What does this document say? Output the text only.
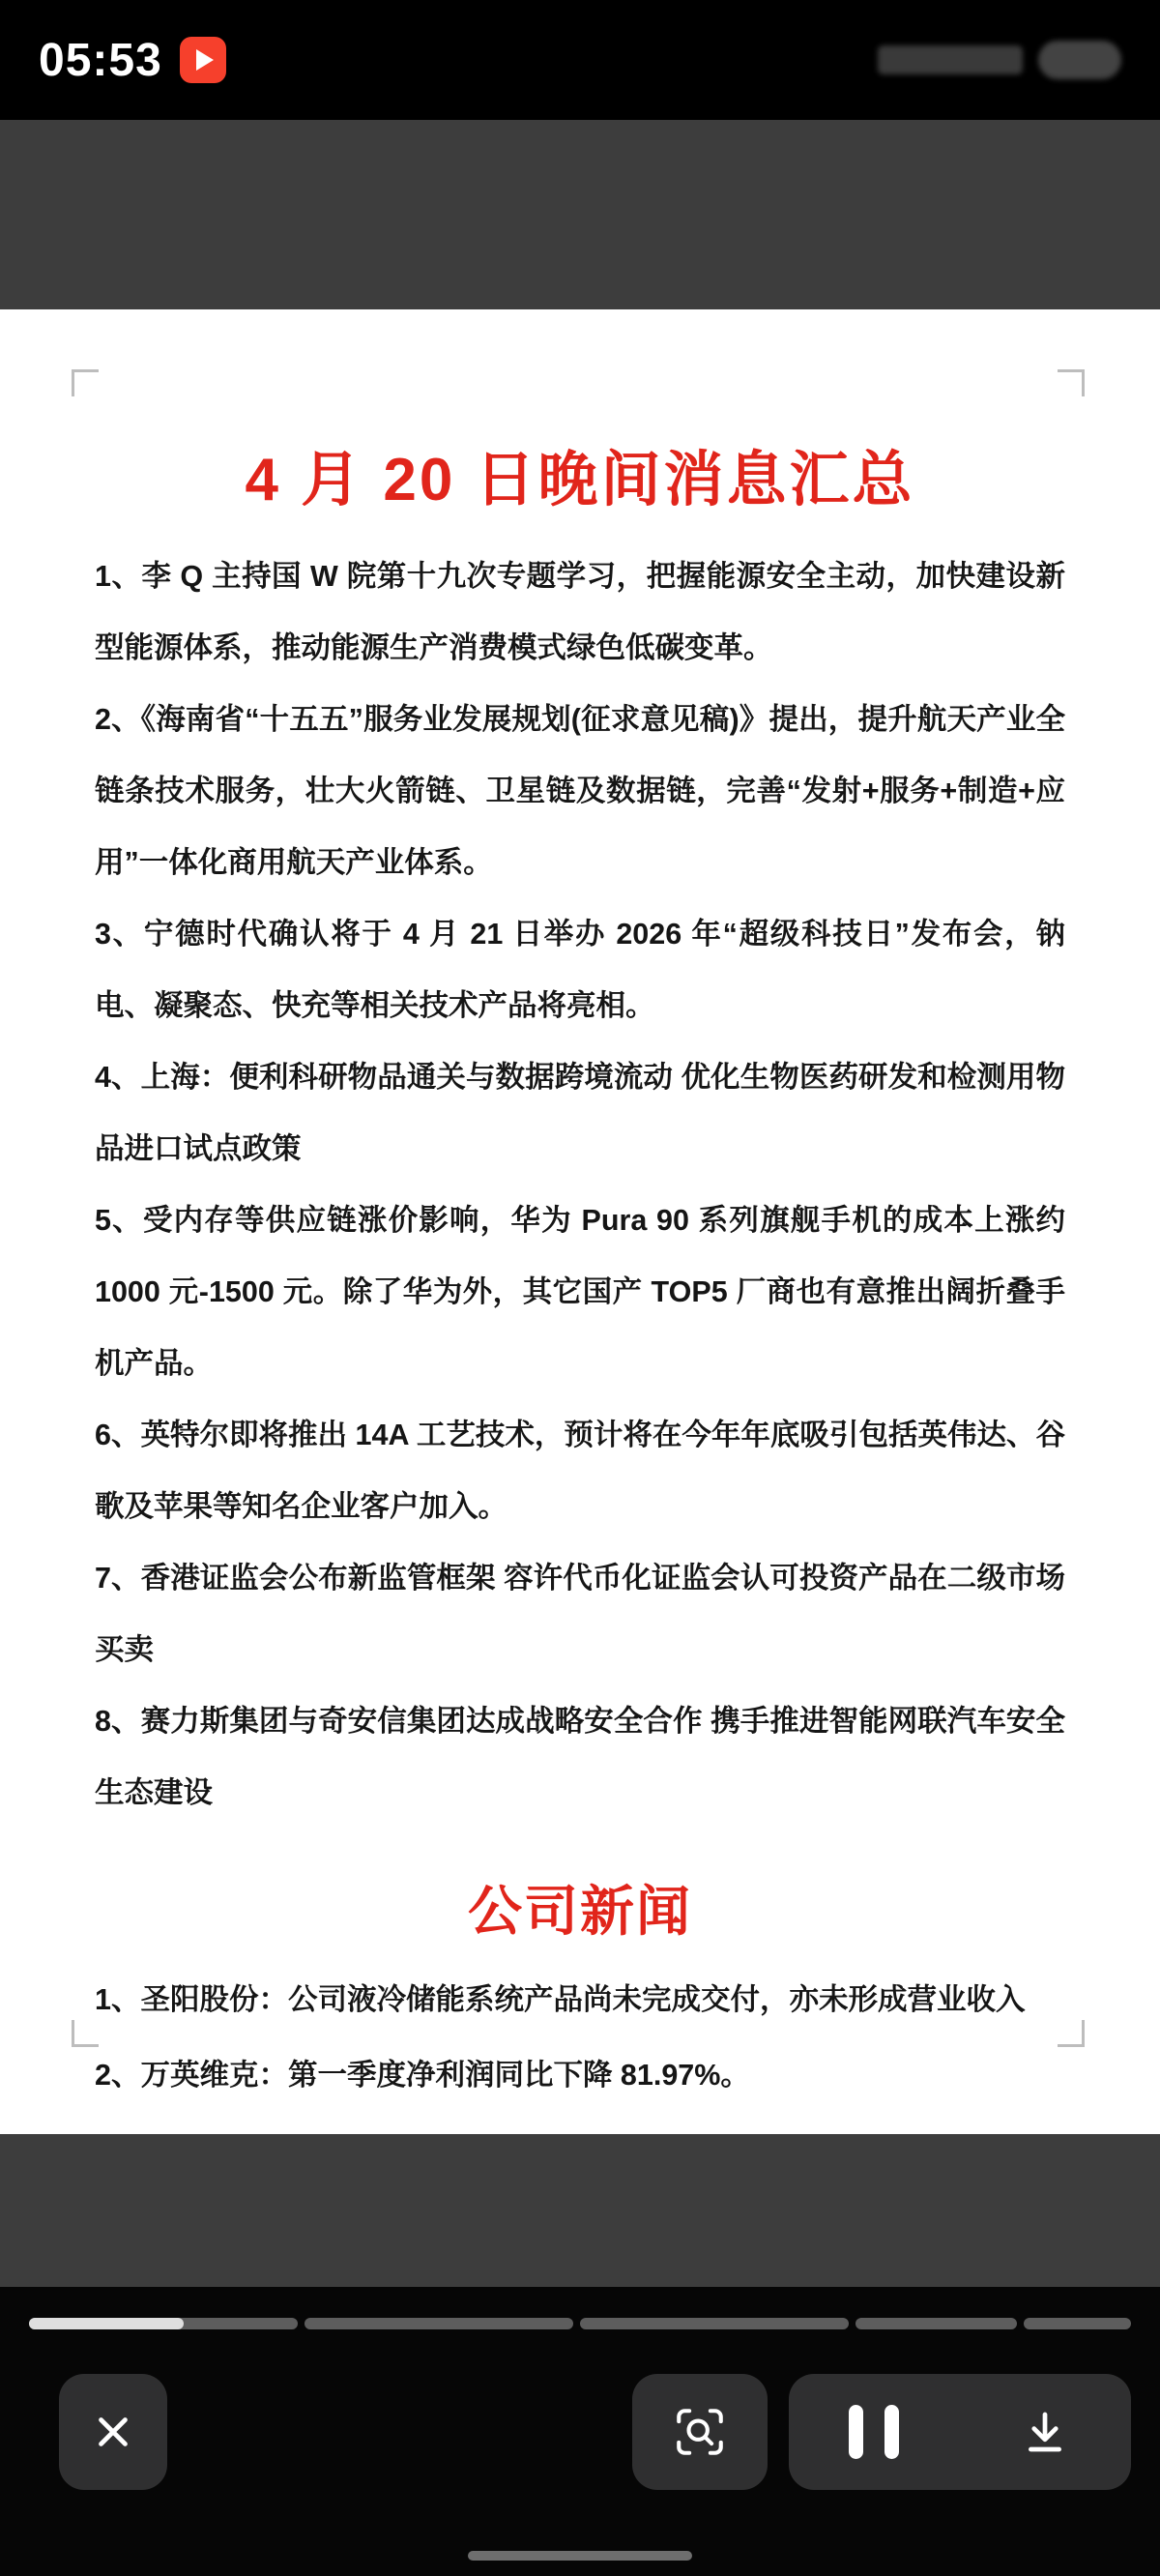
05:53
4 月 20 日晚间消息汇总

1、李 Q 主持国 W 院第十九次专题学习，把握能源安全主动，加快建设新型能源体系，推动能源生产消费模式绿色低碳变革。

2、《海南省“十五五”服务业发展规划(征求意见稿)》提出，提升航天产业全链条技术服务，壮大火箭链、卫星链及数据链，完善“发射+服务+制造+应用”一体化商用航天产业体系。

3、宁德时代确认将于 4 月 21 日举办 2026 年“超级科技日”发布会，钠电、凝聚态、快充等相关技术产品将亮相。

4、上海：便利科研物品通关与数据跨境流动 优化生物医药研发和检测用物品进口试点政策

5、受内存等供应链涨价影响，华为 Pura 90 系列旗舰手机的成本上涨约 1000 元-1500 元。除了华为外，其它国产 TOP5 厂商也有意推出阔折叠手机产品。

6、英特尔即将推出 14A 工艺技术，预计将在今年年底吸引包括英伟达、谷歌及苹果等知名企业客户加入。

7、香港证监会公布新监管框架 容许代币化证监会认可投资产品在二级市场买卖

8、赛力斯集团与奇安信集团达成战略安全合作 携手推进智能网联汽车安全生态建设

公司新闻

1、圣阳股份：公司液冷储能系统产品尚未完成交付，亦未形成营业收入

2、万英维克：第一季度净利润同比下降 81.97%。
